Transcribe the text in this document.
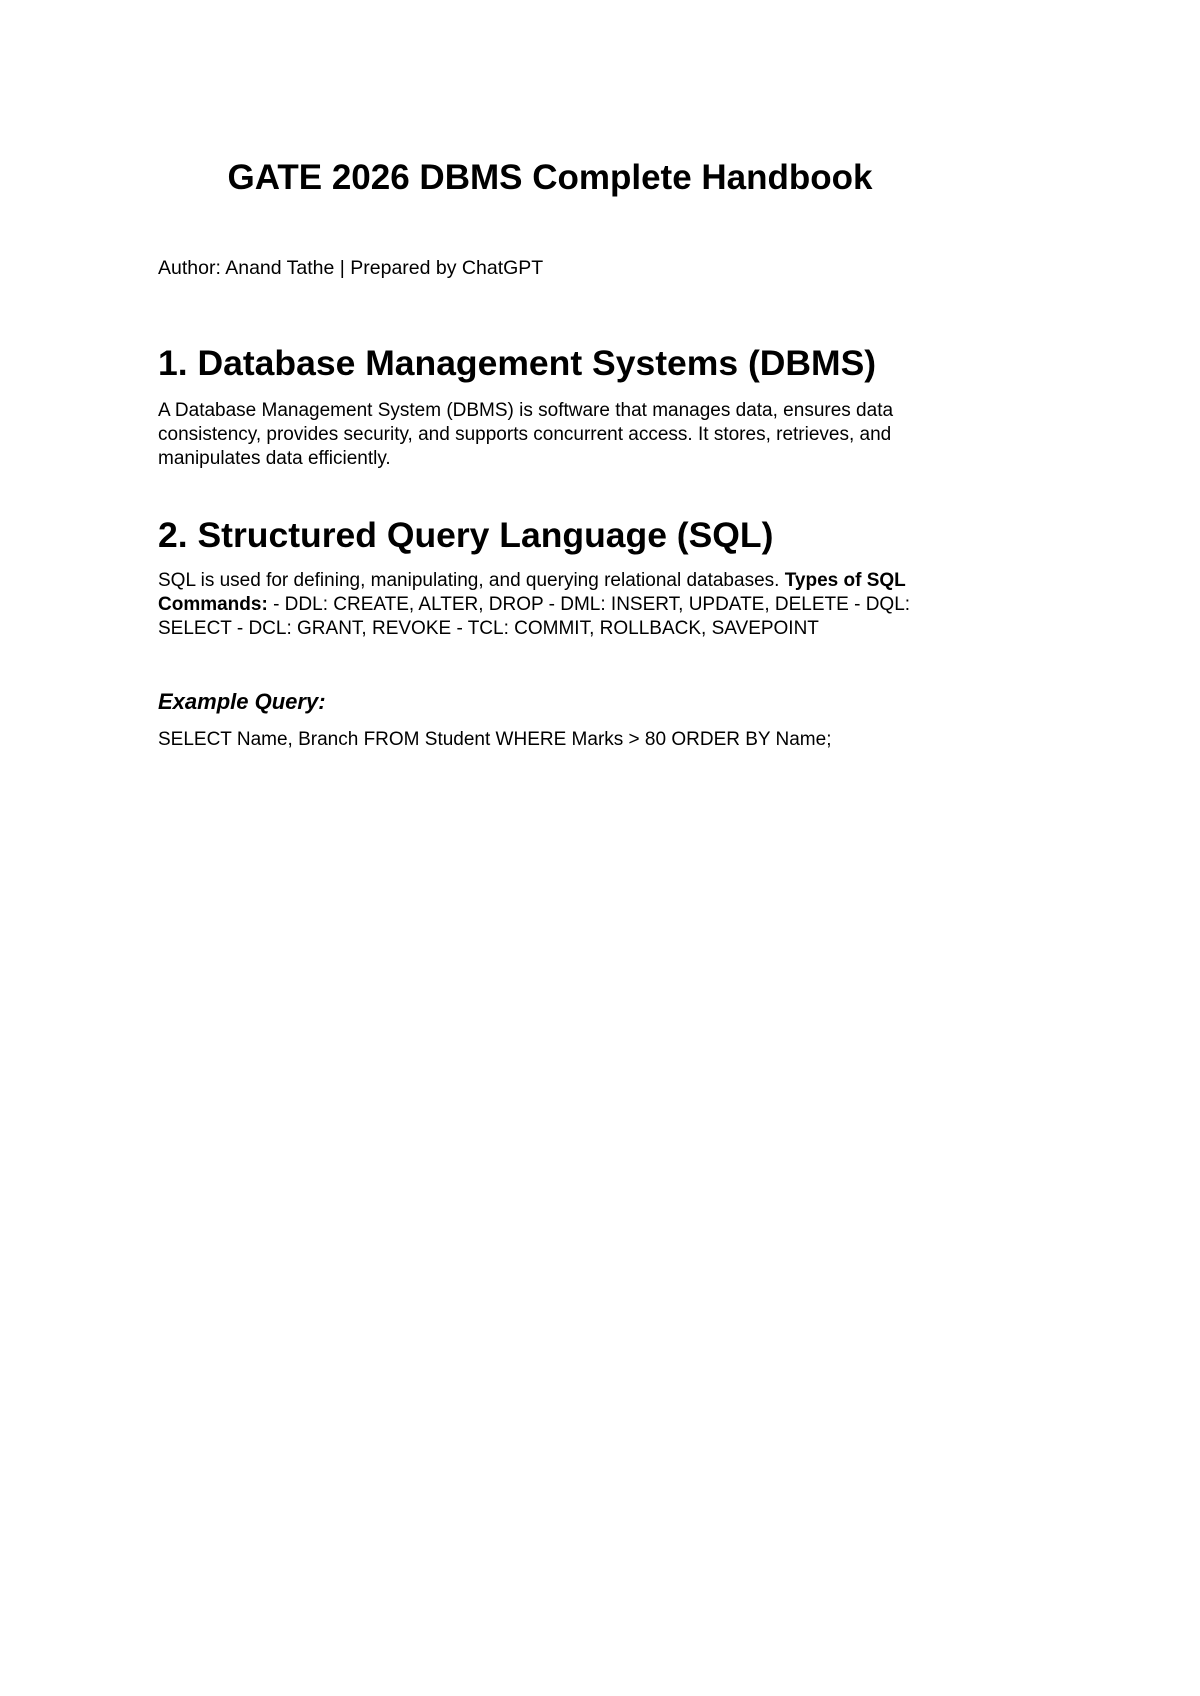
GATE 2026 DBMS Complete Handbook

Author: Anand Tathe | Prepared by ChatGPT

1. Database Management Systems (DBMS)

A Database Management System (DBMS) is software that manages data, ensures data consistency, provides security, and supports concurrent access. It stores, retrieves, and manipulates data efficiently.

2. Structured Query Language (SQL)

SQL is used for defining, manipulating, and querying relational databases. Types of SQL Commands: - DDL: CREATE, ALTER, DROP - DML: INSERT, UPDATE, DELETE - DQL: SELECT - DCL: GRANT, REVOKE - TCL: COMMIT, ROLLBACK, SAVEPOINT

Example Query:

SELECT Name, Branch FROM Student WHERE Marks > 80 ORDER BY Name;
